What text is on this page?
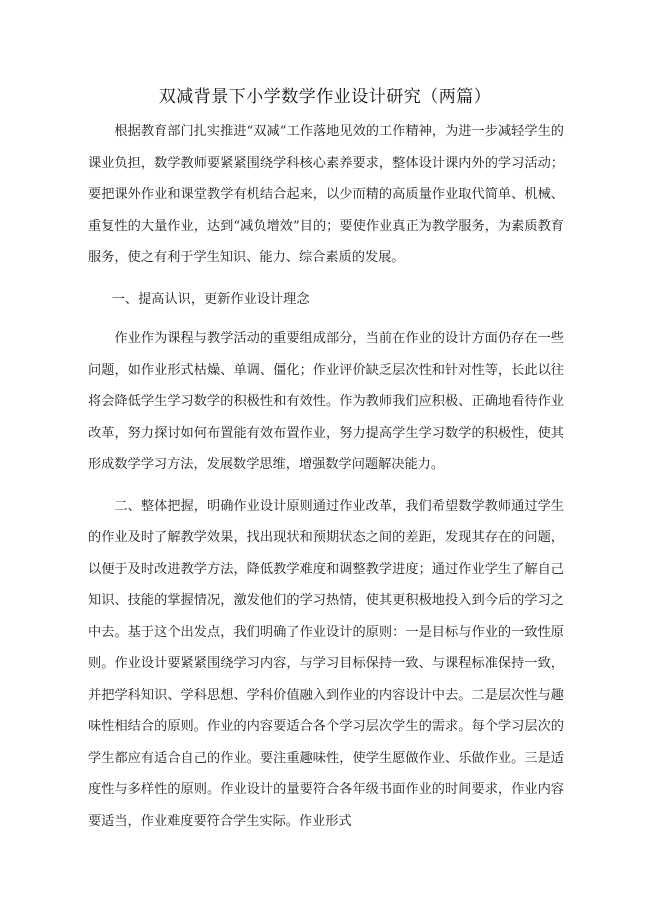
双减背景下小学数学作业设计研究（两篇）

根据教育部门扎实推进“双减”工作落地见效的工作精神，为进一步减轻学生的课业负担，数学教师要紧紧围绕学科核心素养要求，整体设计课内外的学习活动；要把课外作业和课堂教学有机结合起来，以少而精的高质量作业取代简单、机械、重复性的大量作业，达到“减负增效”目的；要使作业真正为教学服务，为素质教育服务，使之有利于学生知识、能力、综合素质的发展。

一、提高认识，更新作业设计理念

作业作为课程与教学活动的重要组成部分，当前在作业的设计方面仍存在一些问题，如作业形式枯燥、单调、僵化；作业评价缺乏层次性和针对性等，长此以往将会降低学生学习数学的积极性和有效性。作为教师我们应积极、正确地看待作业改革，努力探讨如何布置能有效布置作业，努力提高学生学习数学的积极性，使其形成数学学习方法，发展数学思维，增强数学问题解决能力。

二、整体把握，明确作业设计原则通过作业改革，我们希望数学教师通过学生的作业及时了解教学效果，找出现状和预期状态之间的差距，发现其存在的问题，以便于及时改进教学方法，降低教学难度和调整教学进度；通过作业学生了解自己知识、技能的掌握情况，激发他们的学习热情，使其更积极地投入到今后的学习之中去。基于这个出发点，我们明确了作业设计的原则：一是目标与作业的一致性原则。作业设计要紧紧围绕学习内容，与学习目标保持一致、与课程标准保持一致，并把学科知识、学科思想、学科价值融入到作业的内容设计中去。二是层次性与趣味性相结合的原则。作业的内容要适合各个学习层次学生的需求。每个学习层次的学生都应有适合自己的作业。要注重趣味性，使学生愿做作业、乐做作业。三是适度性与多样性的原则。作业设计的量要符合各年级书面作业的时间要求，作业内容要适当，作业难度要符合学生实际。作业形式
